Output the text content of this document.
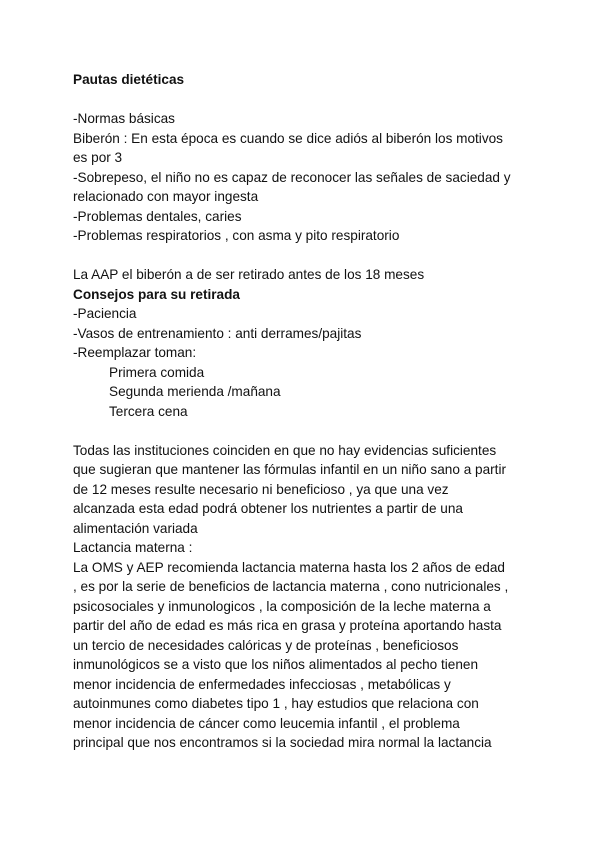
Pautas dietéticas
-Normas básicas
Biberón : En esta época es cuando se dice adiós al biberón los motivos
es por 3
-Sobrepeso, el niño no es capaz de reconocer las señales de saciedad y
relacionado con mayor ingesta
-Problemas dentales, caries
-Problemas respiratorios , con asma y pito respiratorio
La AAP el biberón a de ser retirado antes de los 18 meses
Consejos para su retirada
-Paciencia
-Vasos de entrenamiento : anti derrames/pajitas
-Reemplazar toman:
Primera comida
Segunda merienda /mañana
Tercera cena
Todas las instituciones coinciden en que no hay evidencias suficientes
que sugieran que mantener las fórmulas infantil en un niño sano a partir
de 12 meses resulte necesario ni beneficioso , ya que una vez
alcanzada esta edad podrá obtener los nutrientes a partir de una
alimentación variada
Lactancia materna :
La OMS y AEP recomienda lactancia materna hasta los 2 años de edad
, es por la serie de beneficios de lactancia materna , cono nutricionales ,
psicosociales y inmunologicos , la composición de la leche materna a
partir del año de edad es más rica en grasa y proteína aportando hasta
un tercio de necesidades calóricas y de proteínas , beneficiosos
inmunológicos se a visto que los niños alimentados al pecho tienen
menor incidencia de enfermedades infecciosas , metabólicas y
autoinmunes como diabetes tipo 1 , hay estudios que relaciona con
menor incidencia de cáncer como leucemia infantil , el problema
principal que nos encontramos si la sociedad mira normal la lactancia
